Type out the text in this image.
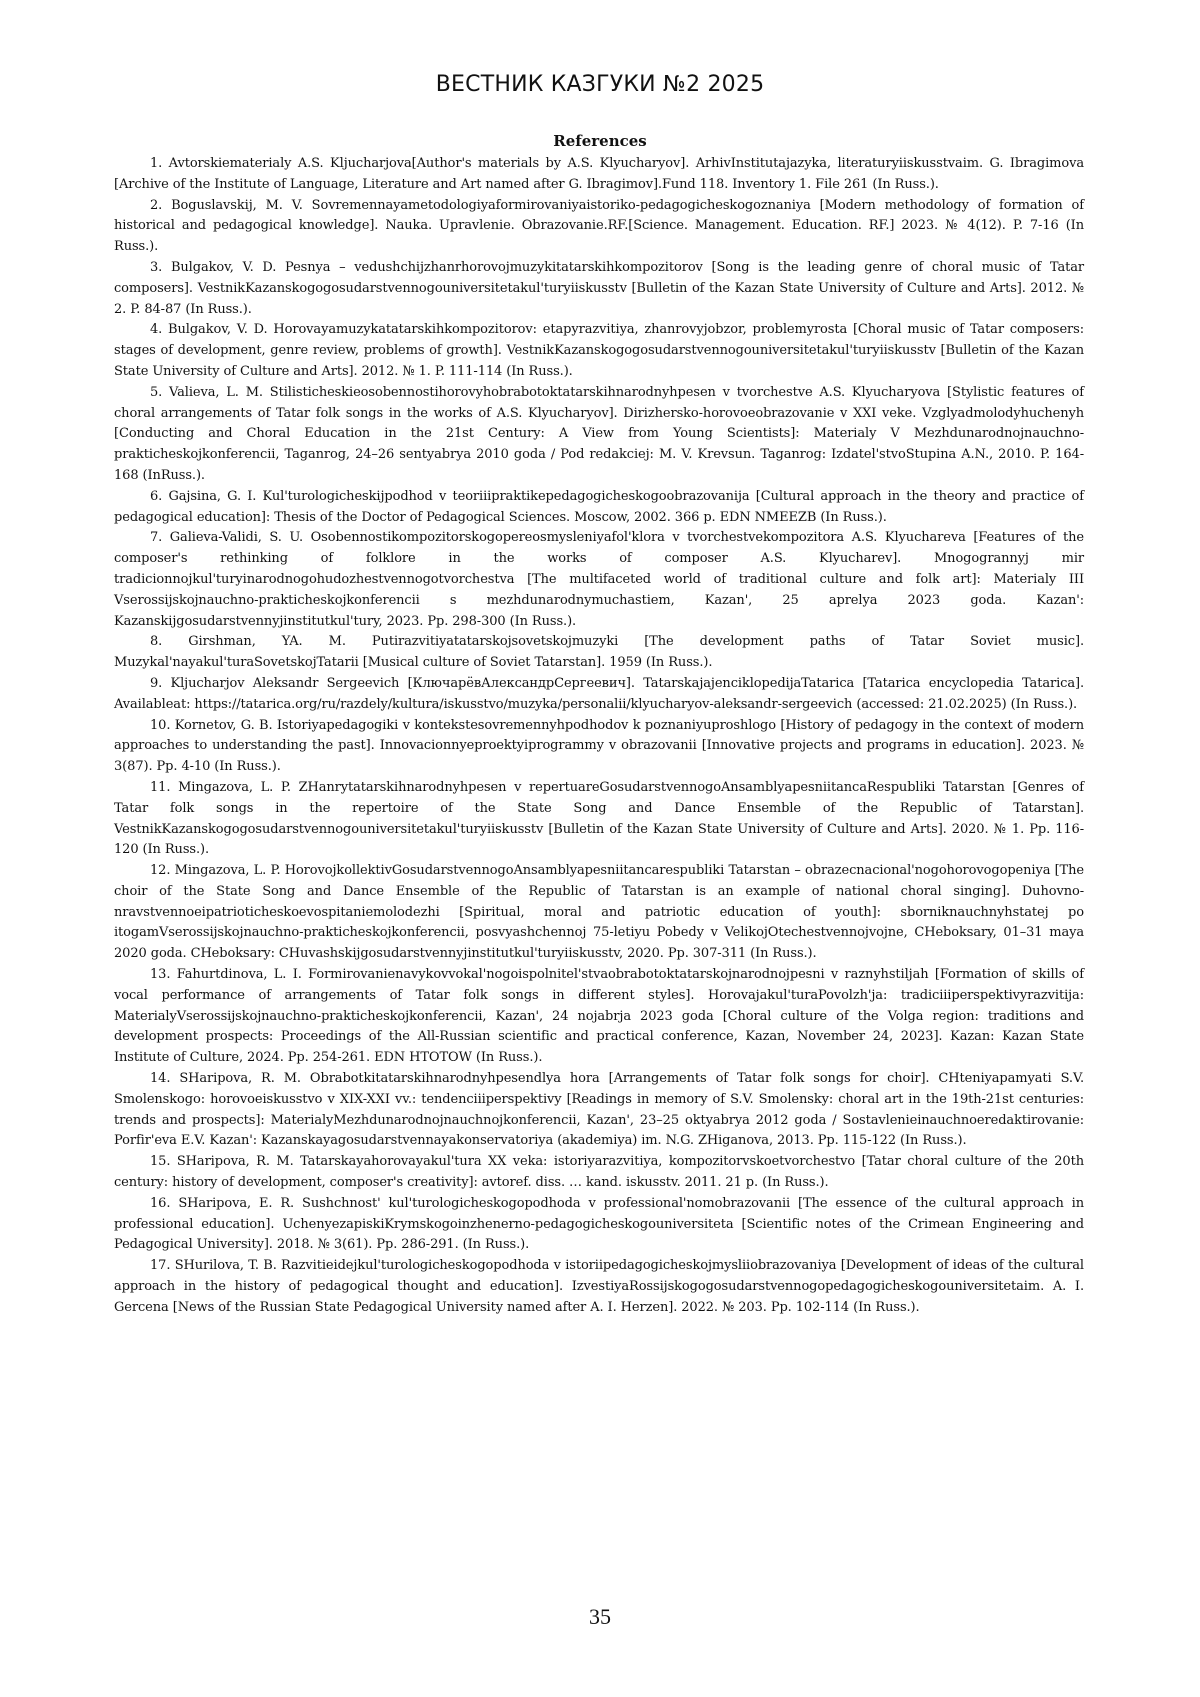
ВЕСТНИК КАЗГУКИ №2 2025
References

1. Avtorskiematerialy A.S. Kljucharjova[Author's materials by A.S. Klyucharyov]. ArhivInstitutajazyka, literaturyiiskusstvaim. G. Ibragimova [Archive of the Institute of Language, Literature and Art named after G. Ibragimov].Fund 118. Inventory 1. File 261 (In Russ.).

2. Boguslavskij, M. V. Sovremennayametodologiyaformirovaniyaistoriko-pedagogicheskogoznaniya [Modern methodology of formation of historical and pedagogical knowledge]. Nauka. Upravlenie. Obrazovanie.RF.[Science. Management. Education. RF.] 2023. № 4(12). P. 7-16 (In Russ.).

3. Bulgakov, V. D. Pesnya – vedushchijzhanrhorovojmuzykitatarskihkompozitorov [Song is the leading genre of choral music of Tatar composers]. VestnikKazanskogogosudarstvennogouniversitetakul'turyiiskusstv [Bulletin of the Kazan State University of Culture and Arts]. 2012. № 2. P. 84-87 (In Russ.).

4. Bulgakov, V. D. Horovayamuzykatatarskihkompozitorov: etapyrazvitiya, zhanrovyjobzor, problemyrosta [Choral music of Tatar composers: stages of development, genre review, problems of growth]. VestnikKazanskogogosudarstvennogouniversitetakul'turyiiskusstv [Bulletin of the Kazan State University of Culture and Arts]. 2012. № 1. P. 111-114 (In Russ.).

5. Valieva, L. M. Stilisticheskieosobennostihorovyhobrabotoktatarskihnarodnyhpesen v tvorchestve A.S. Klyucharyova [Stylistic features of choral arrangements of Tatar folk songs in the works of A.S. Klyucharyov]. Dirizhersko-horovoeobrazovanie v XXI veke. Vzglyadmolodyhuchenyh [Conducting and Choral Education in the 21st Century: A View from Young Scientists]: Materialy V Mezhdunarodnojnauchno-prakticheskojkonferencii, Taganrog, 24–26 sentyabrya 2010 goda / Pod redakciej: M. V. Krevsun. Taganrog: Izdatel'stvoStupina A.N., 2010. P. 164-168 (InRuss.).

6. Gajsina, G. I. Kul'turologicheskijpodhod v teoriiipraktikepedagogicheskogoobrazovanija [Cultural approach in the theory and practice of pedagogical education]: Thesis of the Doctor of Pedagogical Sciences. Moscow, 2002. 366 p. EDN NMEEZB (In Russ.).

7. Galieva-Validi, S. U. Osobennostikompozitorskogopereosmysleniyafol'klora v tvorchestvekompozitora A.S. Klyuchareva [Features of the composer's rethinking of folklore in the works of composer A.S. Klyucharev]. Mnogogrannyj mir tradicionnojkul'turyinarodnogohudozhestvennogotvorchestva [The multifaceted world of traditional culture and folk art]: Materialy III Vserossijskojnauchno-prakticheskojkonferencii s mezhdunarodnymuchastiem, Kazan', 25 aprelya 2023 goda. Kazan': Kazanskijgosudarstvennyjinstitutkul'tury, 2023. Pp. 298-300 (In Russ.).

8. Girshman, YA. M. Putirazvitiyatatarskojsovetskojmuzyki [The development paths of Tatar Soviet music]. Muzykal'nayakul'turaSovetskojTatarii [Musical culture of Soviet Tatarstan]. 1959 (In Russ.).

9. Kljucharjov Aleksandr Sergeevich [КлючарёвАлександрСергеевич]. TatarskajajenciklopedijaTatarica [Tatarica encyclopedia Tatarica]. Availableat: https://tatarica.org/ru/razdely/kultura/iskusstvo/muzyka/personalii/klyucharyov-aleksandr-sergeevich (accessed: 21.02.2025) (In Russ.).

10. Kornetov, G. B. Istoriyapedagogiki v kontekstesovremennyhpodhodov k poznaniyuproshlogo [History of pedagogy in the context of modern approaches to understanding the past]. Innovacionnyeproektyiprogrammy v obrazovanii [Innovative projects and programs in education]. 2023. № 3(87). Pp. 4-10 (In Russ.).

11. Mingazova, L. P. ZHanrytatarskihnarodnyhpesen v repertuareGosudarstvennogoAnsamblyapesniitancaRespubliki Tatarstan [Genres of Tatar folk songs in the repertoire of the State Song and Dance Ensemble of the Republic of Tatarstan]. VestnikKazanskogogosudarstvennogouniversitetakul'turyiiskusstv [Bulletin of the Kazan State University of Culture and Arts]. 2020. № 1. Pp. 116-120 (In Russ.).

12. Mingazova, L. P. HorovojkollektivGosudarstvennogoAnsamblyapesniitancarespubliki Tatarstan – obrazecnacional'nogohorovogopeniya [The choir of the State Song and Dance Ensemble of the Republic of Tatarstan is an example of national choral singing]. Duhovno-nravstvennoeipatrioticheskoevospitaniemolodezhi [Spiritual, moral and patriotic education of youth]: sborniknauchnyhstatej po itogamVserossijskojnauchno-prakticheskojkonferencii, posvyashchennoj 75-letiyu Pobedy v VelikojOtechestvennojvojne, CHeboksary, 01–31 maya 2020 goda. CHeboksary: CHuvashskijgosudarstvennyjinstitutkul'turyiiskusstv, 2020. Pp. 307-311 (In Russ.).

13. Fahurtdinova, L. I. Formirovanienavykovvokal'nogoispolnitel'stvaobrabotoktatarskojnarodnojpesni v raznyhstiljah [Formation of skills of vocal performance of arrangements of Tatar folk songs in different styles]. Horovajakul'turaPovolzh'ja: tradiciiiperspektivyrazvitija: MaterialyVserossijskojnauchno-prakticheskojkonferencii, Kazan', 24 nojabrja 2023 goda [Choral culture of the Volga region: traditions and development prospects: Proceedings of the All-Russian scientific and practical conference, Kazan, November 24, 2023]. Kazan: Kazan State Institute of Culture, 2024. Pp. 254-261. EDN HTOTOW (In Russ.).

14. SHaripova, R. M. Obrabotkitatarskihnarodnyhpesendlya hora [Arrangements of Tatar folk songs for choir]. CHteniyapamyati S.V. Smolenskogo: horovoeiskusstvo v XIX-XXI vv.: tendenciiiperspektivy [Readings in memory of S.V. Smolensky: choral art in the 19th-21st centuries: trends and prospects]: MaterialyMezhdunarodnojnauchnojkonferencii, Kazan', 23–25 oktyabrya 2012 goda / Sostavlenieinauchnoeredaktirovanie: Porfir'eva E.V. Kazan': Kazanskayagosudarstvennayakonservatoriya (akademiya) im. N.G. ZHiganova, 2013. Pp. 115-122 (In Russ.).

15. SHaripova, R. M. Tatarskayahorovayakul'tura XX veka: istoriyarazvitiya, kompozitorvskoetvorchestvo [Tatar choral culture of the 20th century: history of development, composer's creativity]: avtoref. diss. … kand. iskusstv. 2011. 21 p. (In Russ.).

16. SHaripova, E. R. Sushchnost' kul'turologicheskogopodhoda v professional'nomobrazovanii [The essence of the cultural approach in professional education]. UchenyezapiskiKrymskogoinzhenerno-pedagogicheskogouniversiteta [Scientific notes of the Crimean Engineering and Pedagogical University]. 2018. № 3(61). Pp. 286-291. (In Russ.).

17. SHurilova, T. B. Razvitieidejkul'turologicheskogopodhoda v istoriipedagogicheskojmysliiobrazovaniya [Development of ideas of the cultural approach in the history of pedagogical thought and education]. IzvestiyaRossijskogogosudarstvennogopedagogicheskogouniversitetaim. A. I. Gercena [News of the Russian State Pedagogical University named after A. I. Herzen]. 2022. № 203. Pp. 102-114 (In Russ.).

35
